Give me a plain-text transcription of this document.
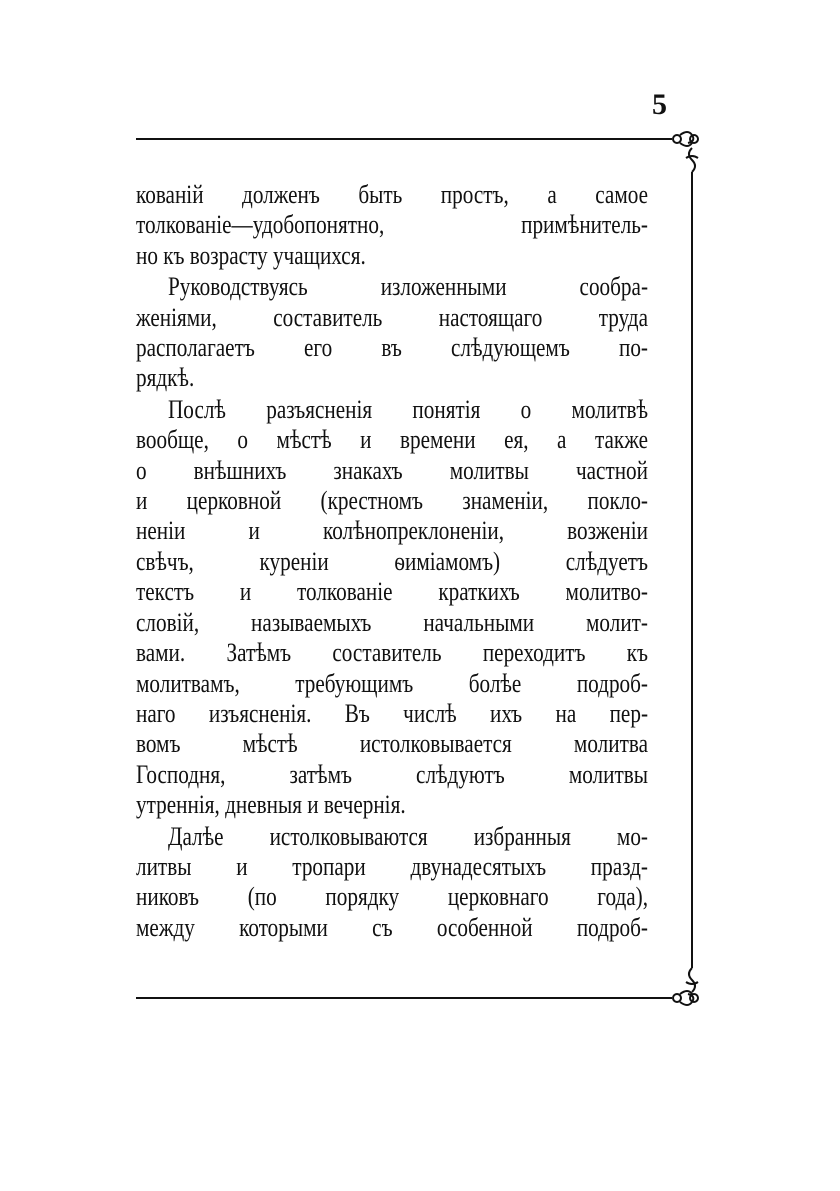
5
кованій долженъ быть простъ, а самое
толкованіе—удобопонятно, примѣнитель-
но къ возрасту учащихся.
Руководствуясь изложенными сообра-
женіями, составитель настоящаго труда
располагаетъ его въ слѣдующемъ по-
рядкѣ.
Послѣ разъясненія понятія о молитвѣ
вообще, о мѣстѣ и времени ея, а также
о внѣшнихъ знакахъ молитвы частной
и церковной (крестномъ знаменіи, покло-
неніи и колѣнопреклоненіи, возженіи
свѣчъ, куреніи ѳиміамомъ) слѣдуетъ
текстъ и толкованіе краткихъ молитво-
словій, называемыхъ начальными молит-
вами. Затѣмъ составитель переходитъ къ
молитвамъ, требующимъ болѣе подроб-
наго изъясненія. Въ числѣ ихъ на пер-
вомъ мѣстѣ истолковывается молитва
Господня, затѣмъ слѣдуютъ молитвы
утреннія, дневныя и вечернія.
Далѣе истолковываются избранныя мо-
литвы и тропари двунадесятыхъ празд-
никовъ (по порядку церковнаго года),
между которыми съ особенной подроб-
